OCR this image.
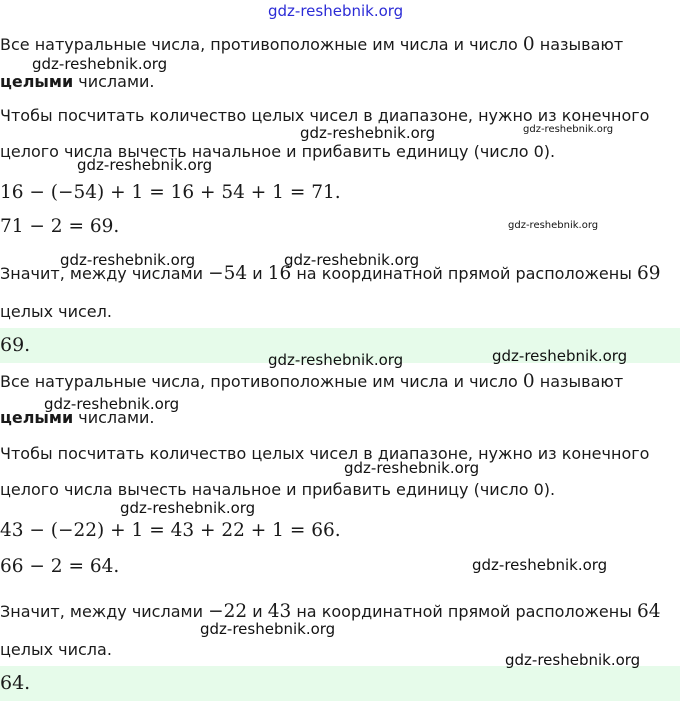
gdz-reshebnik.org
Все натуральные числа, противоположные им числа и число 0 называют
целыми числами.
Чтобы посчитать количество целых чисел в диапазоне, нужно из конечного
целого числа вычесть начальное и прибавить единицу (число 0).
16 − (−54) + 1 = 16 + 54 + 1 = 71.
71 − 2 = 69.
Значит, между числами −54 и 16 на координатной прямой расположены 69
целых чисел.
69.
Все натуральные числа, противоположные им числа и число 0 называют
целыми числами.
Чтобы посчитать количество целых чисел в диапазоне, нужно из конечного
целого числа вычесть начальное и прибавить единицу (число 0).
43 − (−22) + 1 = 43 + 22 + 1 = 66.
66 − 2 = 64.
Значит, между числами −22 и 43 на координатной прямой расположены 64
целых числа.
64.
gdz-reshebnik.org
gdz-reshebnik.org	gdz-reshebnik.org
gdz-reshebnik.org
gdz-reshebnik.org
gdz-reshebnik.org	gdz-reshebnik.org
gdz-reshebnik.org	gdz-reshebnik.org
gdz-reshebnik.org
gdz-reshebnik.org
gdz-reshebnik.org
gdz-reshebnik.org
gdz-reshebnik.org
gdz-reshebnik.org
